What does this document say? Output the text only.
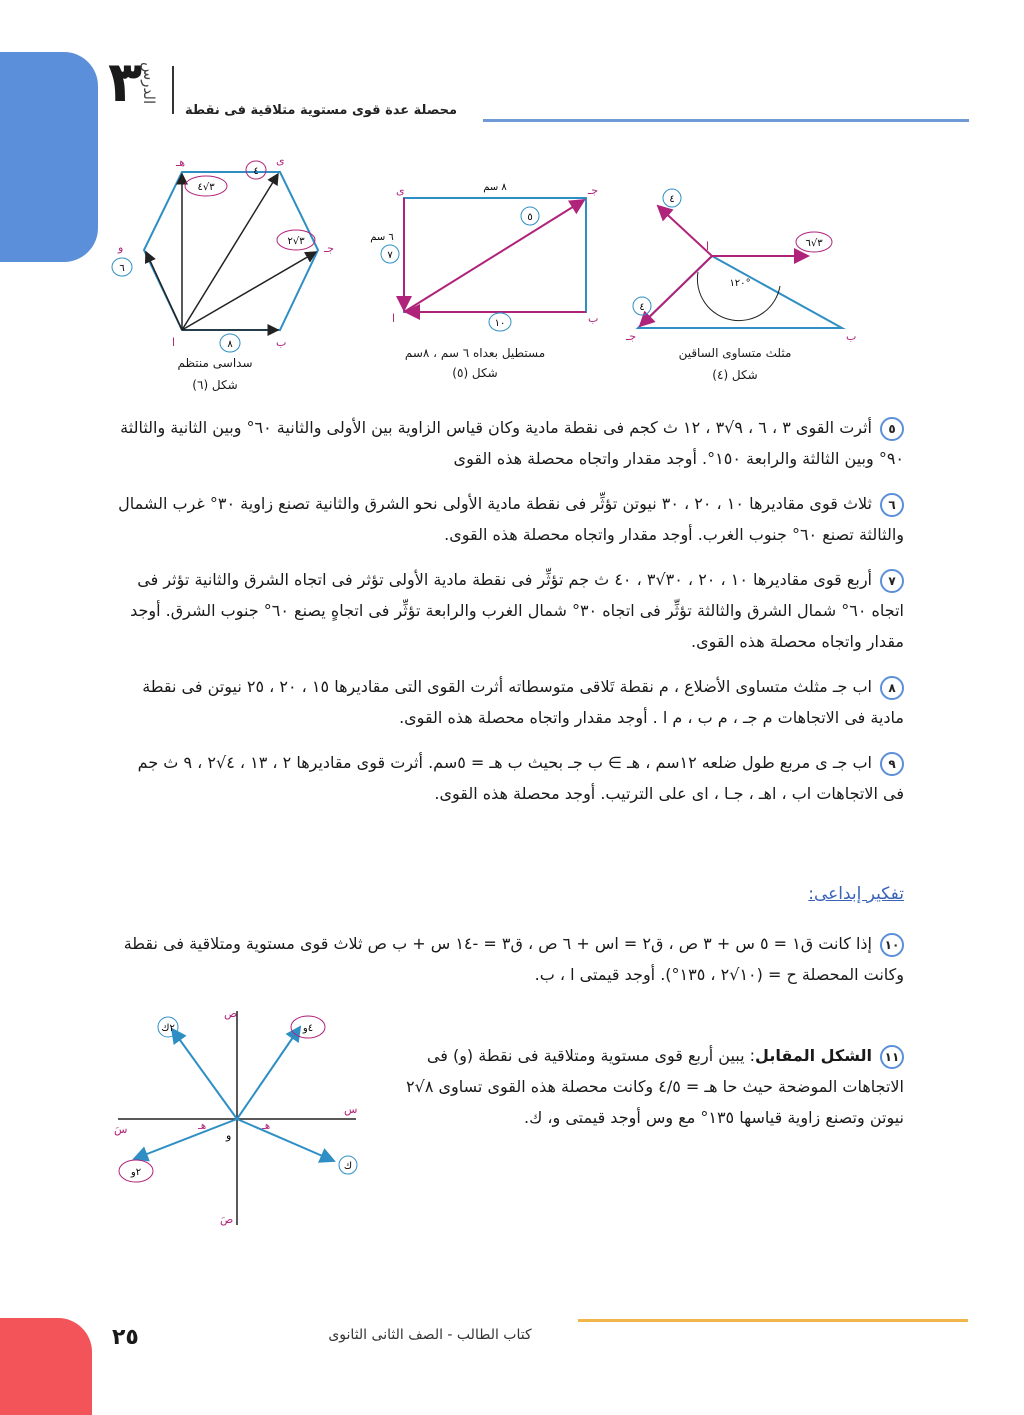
٣
الدرس
محصلة عدة قوى مستوية متلاقية فى نقطة
٣√٤
٤
٣√٢
٦
٨
هـ	ى
و	جـ
ا	ب
٨ سم
٦ سم
٥
٧
١٠
ى	جـ
ا	ب
١٢٠°
٤
٣√٦
٤
ا
جـ	ب
سداسى منتظم
شكل (٦)
مستطيل بعداه ٦ سم ، ٨سم
شكل (٥)
مثلث متساوى الساقين
شكل (٤)
٥أثرت القوى ٣ ، ٦ ، ٩√٣ ، ١٢ ث كجم فى نقطة مادية وكان قياس الزاوية بين الأولى والثانية ٦٠° وبين الثانية والثالثة ٩٠° وبين الثالثة والرابعة ١٥٠°. أوجد مقدار واتجاه محصلة هذه القوى
٦ثلاث قوى مقاديرها ١٠ ، ٢٠ ، ٣٠ نيوتن تؤثِّر فى نقطة مادية الأولى نحو الشرق والثانية تصنع زاوية ٣٠° غرب الشمال والثالثة تصنع ٦٠° جنوب الغرب. أوجد مقدار واتجاه محصلة هذه القوى.
٧أربع قوى مقاديرها ١٠ ، ٢٠ ، ٣٠√٣ ، ٤٠ ث جم تؤثِّر فى نقطة مادية الأولى تؤثر فى اتجاه الشرق والثانية تؤثر فى اتجاه ٦٠° شمال الشرق والثالثة تؤثِّر فى اتجاه ٣٠° شمال الغرب والرابعة تؤثِّر فى اتجاهٍ يصنع ٦٠° جنوب الشرق. أوجد مقدار واتجاه محصلة هذه القوى.
٨اب جـ مثلث متساوى الأضلاع ، م نقطة تَلاقى متوسطاته أثرت القوى التى مقاديرها ١٥ ، ٢٠ ، ٢٥ نيوتن فى نقطة مادية فى الاتجاهات م جـ ، م ب ، م ا . أوجد مقدار واتجاه محصلة هذه القوى.
٩اب جـ ى مربع طول ضلعه ١٢سم ، هـ ∋ ب جـ بحيث ب هـ = ٥سم. أثرت قوى مقاديرها ٢ ، ١٣ ، ٤√٢ ، ٩ ث جم فى الاتجاهات اب ، اهـ ، جـا ، اى على الترتيب. أوجد محصلة هذه القوى.
تفكير إبداعى:
١٠إذا كانت ق١ = ٥ س + ٣ ص ، ق٢ = اس + ٦ ص ، ق٣ = -١٤ س + ب ص ثلاث قوى مستوية ومتلاقية فى نقطة وكانت المحصلة ح = (١٠√٢ ، ١٣٥°). أوجد قيمتى ا ، ب.
١١الشكل المقابل: يبين أربع قوى مستوية ومتلاقية فى نقطة (و) فى الاتجاهات الموضحة حيث حا هـ = ٤/٥ وكانت محصلة هذه القوى تساوى ٨√٢ نيوتن وتصنع زاوية قياسها ١٣٥° مع وس أوجد قيمتى و، ك.
ص
س
سَ
صَ
و
هـ	هـ
٢ك
ك
٤و
٢و
٢٥	كتاب الطالب - الصف الثانى الثانوى
